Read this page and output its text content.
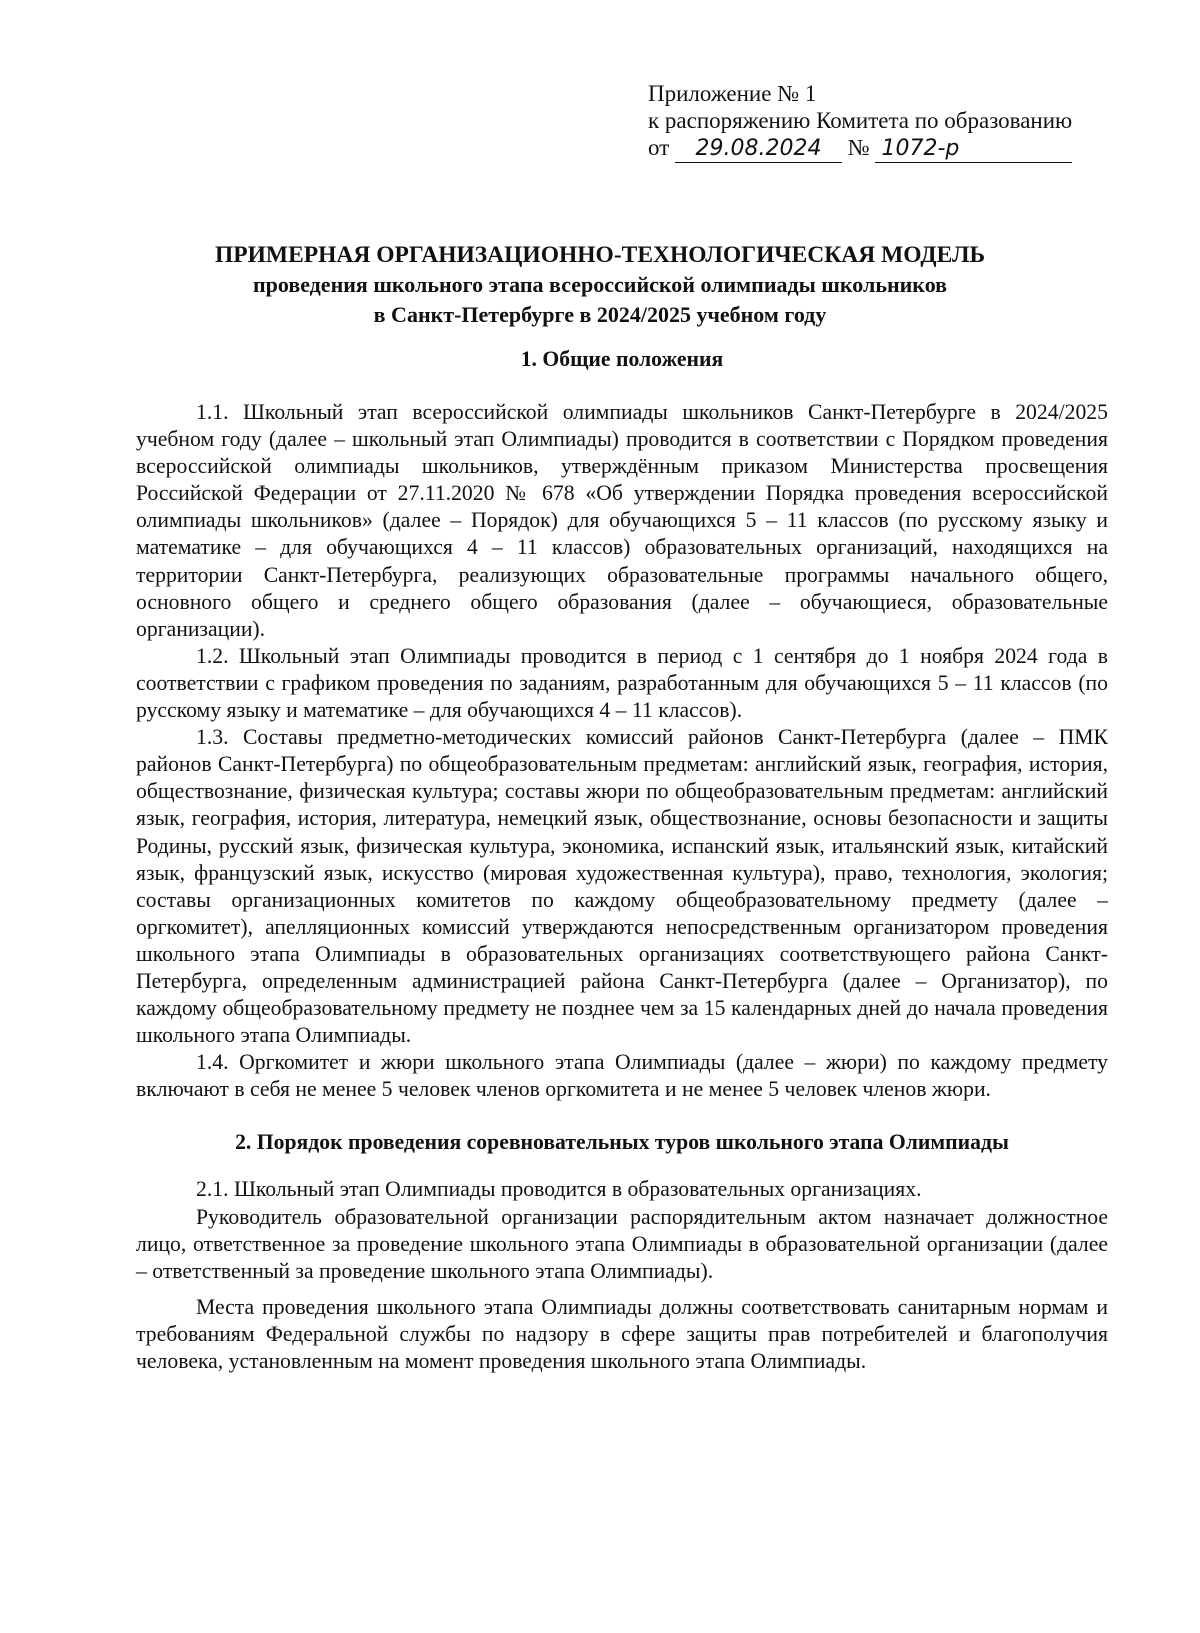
Приложение № 1
к распоряжению Комитета по образованию
от 29.08.2024 № 1072-р
ПРИМЕРНАЯ ОРГАНИЗАЦИОННО-ТЕХНОЛОГИЧЕСКАЯ МОДЕЛЬ
проведения школьного этапа всероссийской олимпиады школьников
в Санкт-Петербурге в 2024/2025 учебном году
1. Общие положения

1.1. Школьный этап всероссийской олимпиады школьников Санкт-Петербурге в 2024/2025 учебном году (далее – школьный этап Олимпиады) проводится в соответствии с Порядком проведения всероссийской олимпиады школьников, утверждённым приказом Министерства просвещения Российской Федерации от 27.11.2020 № 678 «Об утверждении Порядка проведения всероссийской олимпиады школьников» (далее – Порядок) для обучающихся 5 – 11 классов (по русскому языку и математике – для обучающихся 4 – 11 классов) образовательных организаций, находящихся на территории Санкт-Петербурга, реализующих образовательные программы начального общего, основного общего и среднего общего образования (далее – обучающиеся, образовательные организации).

1.2. Школьный этап Олимпиады проводится в период с 1 сентября до 1 ноября 2024 года в соответствии с графиком проведения по заданиям, разработанным для обучающихся 5 – 11 классов (по русскому языку и математике – для обучающихся 4 – 11 классов).

1.3. Составы предметно-методических комиссий районов Санкт-Петербурга (далее – ПМК районов Санкт-Петербурга) по общеобразовательным предметам: английский язык, география, история, обществознание, физическая культура; составы жюри по общеобразовательным предметам: английский язык, география, история, литература, немецкий язык, обществознание, основы безопасности и защиты Родины, русский язык, физическая культура, экономика, испанский язык, итальянский язык, китайский язык, французский язык, искусство (мировая художественная культура), право, технология, экология; составы организационных комитетов по каждому общеобразовательному предмету (далее – оргкомитет), апелляционных комиссий утверждаются непосредственным организатором проведения школьного этапа Олимпиады в образовательных организациях соответствующего района Санкт-Петербурга, определенным администрацией района Санкт-Петербурга (далее – Организатор), по каждому общеобразовательному предмету не позднее чем за 15 календарных дней до начала проведения школьного этапа Олимпиады.

1.4. Оргкомитет и жюри школьного этапа Олимпиады (далее – жюри) по каждому предмету включают в себя не менее 5 человек членов оргкомитета и не менее 5 человек членов жюри.

2. Порядок проведения соревновательных туров школьного этапа Олимпиады

2.1. Школьный этап Олимпиады проводится в образовательных организациях.

Руководитель образовательной организации распорядительным актом назначает должностное лицо, ответственное за проведение школьного этапа Олимпиады в образовательной организации (далее – ответственный за проведение школьного этапа Олимпиады).

Места проведения школьного этапа Олимпиады должны соответствовать санитарным нормам и требованиям Федеральной службы по надзору в сфере защиты прав потребителей и благополучия человека, установленным на момент проведения школьного этапа Олимпиады.
